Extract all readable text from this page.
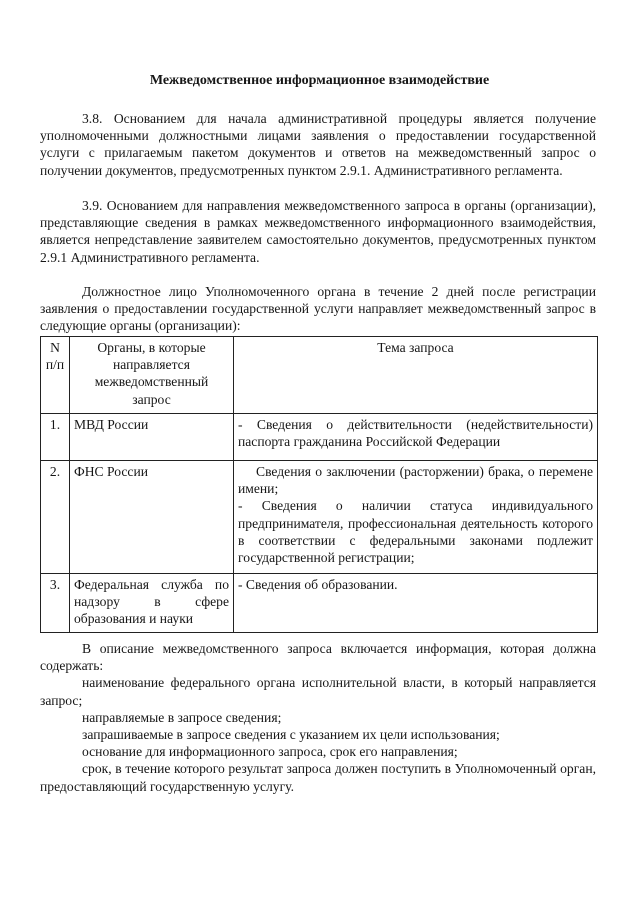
Межведомственное информационное взаимодействие

3.8. Основанием для начала административной процедуры является получение уполномоченными должностными лицами заявления о предоставлении государственной услуги с прилагаемым пакетом документов и ответов на межведомственный запрос о получении документов, предусмотренных пунктом 2.9.1. Административного регламента.

3.9. Основанием для направления межведомственного запроса в органы (организации), представляющие сведения в рамках межведомственного информационного взаимодействия, является непредставление заявителем самостоятельно документов, предусмотренных пунктом 2.9.1 Административного регламента.

Должностное лицо Уполномоченного органа в течение 2 дней после регистрации заявления о предоставлении государственной услуги направляет межведомственный запрос в следующие органы (организации):

N п/п	Органы, в которые направляется межведомственный запрос	Тема запроса
1.	МВД России	- Сведения о действительности (недействительности) паспорта гражданина Российской Федерации
2.	ФНС России	Сведения о заключении (расторжении) брака, о перемене имени;
- Сведения о наличии статуса индивидуального предпринимателя, профессиональная деятельность которого в соответствии с федеральными законами подлежит государственной регистрации;

3.	Федеральная служба по надзору в сфере образования и науки	- Сведения об образовании.
В описание межведомственного запроса включается информация, которая должна содержать:
наименование федерального органа исполнительной власти, в который направляется запрос;
направляемые в запросе сведения;
запрашиваемые в запросе сведения с указанием их цели использования;
основание для информационного запроса, срок его направления;
срок, в течение которого результат запроса должен поступить в Уполномоченный орган, предоставляющий государственную услугу.
